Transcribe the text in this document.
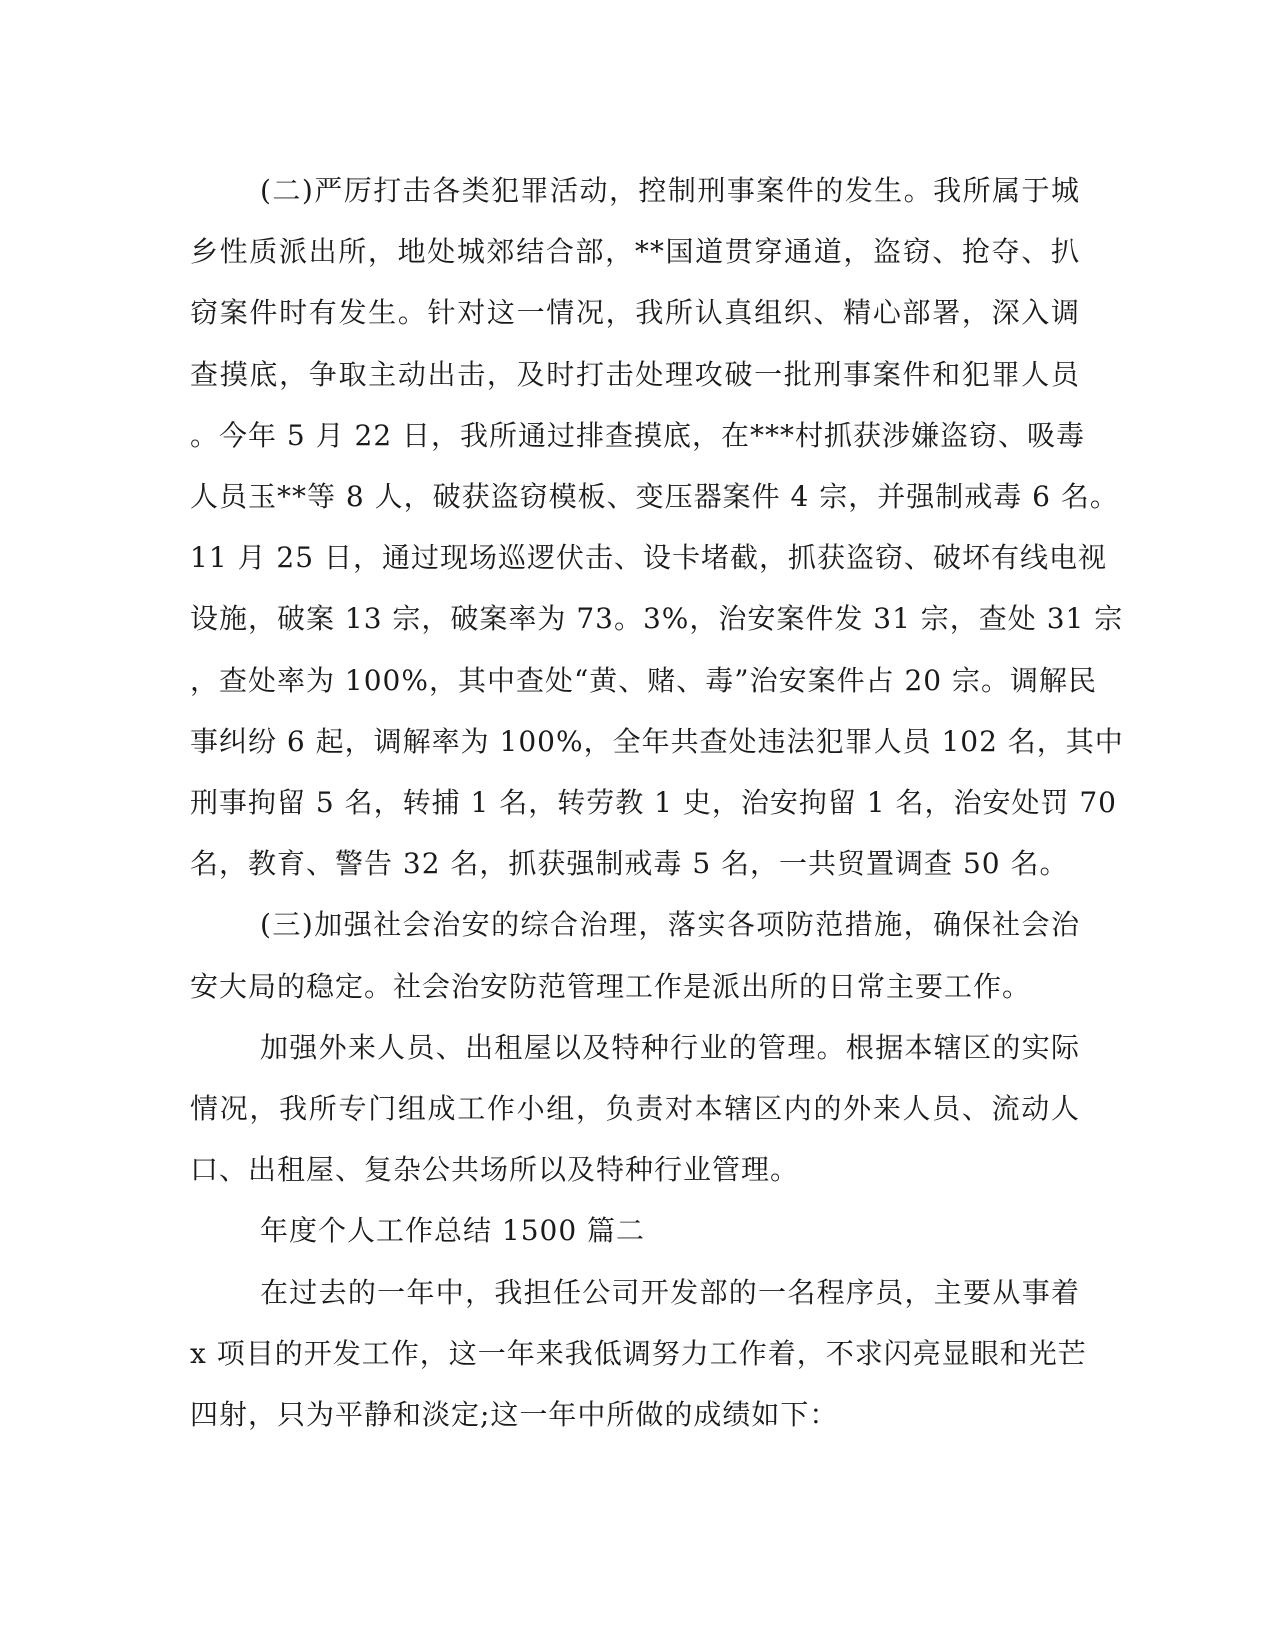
(二)严厉打击各类犯罪活动，控制刑事案件的发生。我所属于城
乡性质派出所，地处城郊结合部，**国道贯穿通道，盗窃、抢夺、扒
窃案件时有发生。针对这一情况，我所认真组织、精心部署，深入调
查摸底，争取主动出击，及时打击处理攻破一批刑事案件和犯罪人员
。今年 5 月 22 日，我所通过排查摸底，在***村抓获涉嫌盗窃、吸毒
人员玉**等 8 人，破获盗窃模板、变压器案件 4 宗，并强制戒毒 6 名。
11 月 25 日，通过现场巡逻伏击、设卡堵截，抓获盗窃、破坏有线电视
设施，破案 13 宗，破案率为 73。3%，治安案件发 31 宗，查处 31 宗
，查处率为 100%，其中查处“黄、赌、毒”治安案件占 20 宗。调解民
事纠纷 6 起，调解率为 100%，全年共查处违法犯罪人员 102 名，其中
刑事拘留 5 名，转捕 1 名，转劳教 1 史，治安拘留 1 名，治安处罚 70
名，教育、警告 32 名，抓获强制戒毒 5 名，一共贸置调查 50 名。
(三)加强社会治安的综合治理，落实各项防范措施，确保社会治
安大局的稳定。社会治安防范管理工作是派出所的日常主要工作。
加强外来人员、出租屋以及特种行业的管理。根据本辖区的实际
情况，我所专门组成工作小组，负责对本辖区内的外来人员、流动人
口、出租屋、复杂公共场所以及特种行业管理。
年度个人工作总结 1500 篇二
在过去的一年中，我担任公司开发部的一名程序员，主要从事着
x 项目的开发工作，这一年来我低调努力工作着，不求闪亮显眼和光芒
四射，只为平静和淡定;这一年中所做的成绩如下：
